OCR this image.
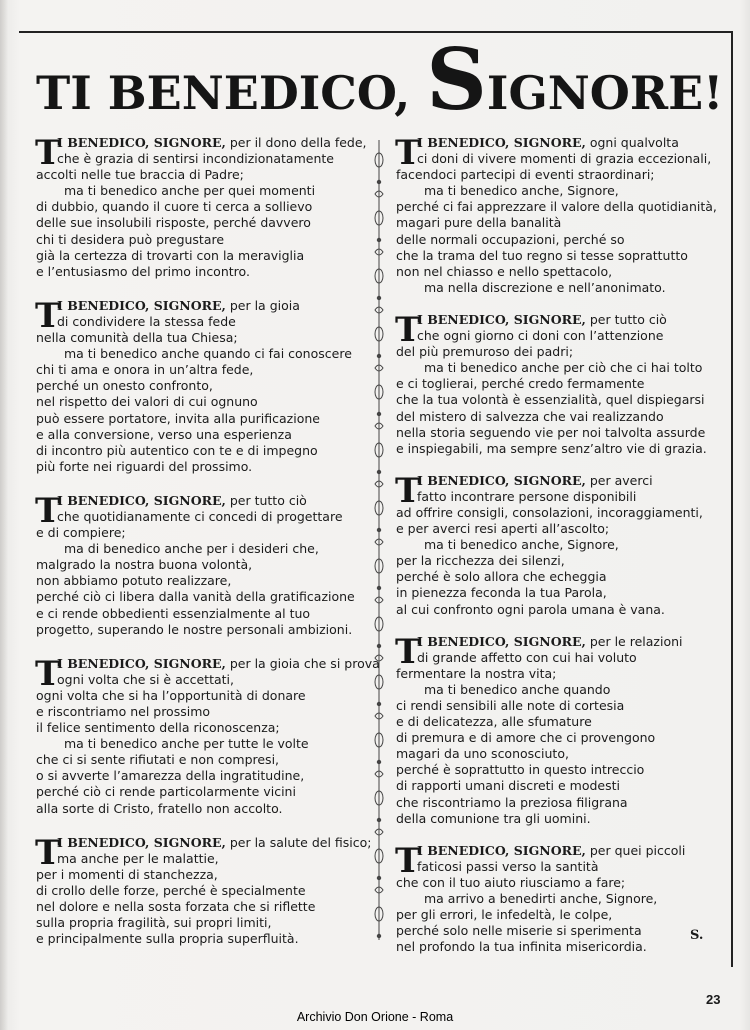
TI BENEDICO, SIGNORE!
T
I BENEDICO, SIGNORE, per il dono della fede,
che è grazia di sentirsi incondizionatamente
accolti nelle tue braccia di Padre;
ma ti benedico anche per quei momenti
di dubbio, quando il cuore ti cerca a sollievo
delle sue insolubili risposte, perché davvero
chi ti desidera può pregustare
già la certezza di trovarti con la meraviglia
e l’entusiasmo del primo incontro.
T
I BENEDICO, SIGNORE, per la gioia
di condividere la stessa fede
nella comunità della tua Chiesa;
ma ti benedico anche quando ci fai conoscere
chi ti ama e onora in un’altra fede,
perché un onesto confronto,
nel rispetto dei valori di cui ognuno
può essere portatore, invita alla purificazione
e alla conversione, verso una esperienza
di incontro più autentico con te e di impegno
più forte nei riguardi del prossimo.
T
I BENEDICO, SIGNORE, per tutto ciò
che quotidianamente ci concedi di progettare
e di compiere;
ma di benedico anche per i desideri che,
malgrado la nostra buona volontà,
non abbiamo potuto realizzare,
perché ciò ci libera dalla vanità della gratificazione
e ci rende obbedienti essenzialmente al tuo
progetto, superando le nostre personali ambizioni.
T
I BENEDICO, SIGNORE, per la gioia che si prova
ogni volta che si è accettati,
ogni volta che si ha l’opportunità di donare
e riscontriamo nel prossimo
il felice sentimento della riconoscenza;
ma ti benedico anche per tutte le volte
che ci si sente rifiutati e non compresi,
o si avverte l’amarezza della ingratitudine,
perché ciò ci rende particolarmente vicini
alla sorte di Cristo, fratello non accolto.
T
I BENEDICO, SIGNORE, per la salute del fisico;
ma anche per le malattie,
per i momenti di stanchezza,
di crollo delle forze, perché è specialmente
nel dolore e nella sosta forzata che si riflette
sulla propria fragilità, sui propri limiti,
e principalmente sulla propria superfluità.
T
I BENEDICO, SIGNORE, ogni qualvolta
ci doni di vivere momenti di grazia eccezionali,
facendoci partecipi di eventi straordinari;
ma ti benedico anche, Signore,
perché ci fai apprezzare il valore della quotidianità,
magari pure della banalità
delle normali occupazioni, perché so
che la trama del tuo regno si tesse soprattutto
non nel chiasso e nello spettacolo,
ma nella discrezione e nell’anonimato.
T
I BENEDICO, SIGNORE, per tutto ciò
che ogni giorno ci doni con l’attenzione
del più premuroso dei padri;
ma ti benedico anche per ciò che ci hai tolto
e ci toglierai, perché credo fermamente
che la tua volontà è essenzialità, quel dispiegarsi
del mistero di salvezza che vai realizzando
nella storia seguendo vie per noi talvolta assurde
e inspiegabili, ma sempre senz’altro vie di grazia.
T
I BENEDICO, SIGNORE, per averci
fatto incontrare persone disponibili
ad offrire consigli, consolazioni, incoraggiamenti,
e per averci resi aperti all’ascolto;
ma ti benedico anche, Signore,
per la ricchezza dei silenzi,
perché è solo allora che echeggia
in pienezza feconda la tua Parola,
al cui confronto ogni parola umana è vana.
T
I BENEDICO, SIGNORE, per le relazioni
di grande affetto con cui hai voluto
fermentare la nostra vita;
ma ti benedico anche quando
ci rendi sensibili alle note di cortesia
e di delicatezza, alle sfumature
di premura e di amore che ci provengono
magari da uno sconosciuto,
perché è soprattutto in questo intreccio
di rapporti umani discreti e modesti
che riscontriamo la preziosa filigrana
della comunione tra gli uomini.
T
I BENEDICO, SIGNORE, per quei piccoli
faticosi passi verso la santità
che con il tuo aiuto riusciamo a fare;
ma arrivo a benedirti anche, Signore,
per gli errori, le infedeltà, le colpe,
perché solo nelle miserie si sperimenta
nel profondo la tua infinita misericordia.
S.
23
Archivio Don Orione - Roma
